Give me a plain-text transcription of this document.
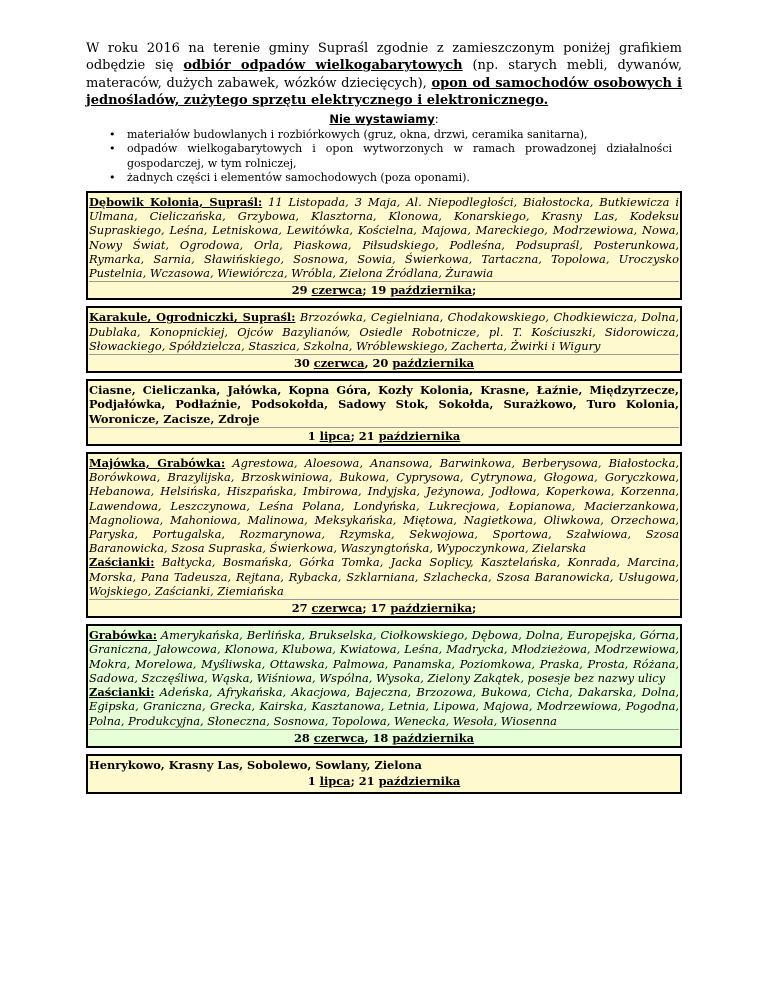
W roku 2016 na terenie gminy Supraśl zgodnie z zamieszczonym poniżej grafikiem odbędzie się odbiór odpadów wielkogabarytowych (np. starych mebli, dywanów, materaców, dużych zabawek, wózków dziecięcych), opon od samochodów osobowych i jednośladów, zużytego sprzętu elektrycznego i elektronicznego.

Nie wystawiamy:
• materiałów budowlanych i rozbiórkowych (gruz, okna, drzwi, ceramika sanitarna),
• odpadów wielkogabarytowych i opon wytworzonych w ramach prowadzonej działalności gospodarczej, w tym rolniczej,
• żadnych części i elementów samochodowych (poza oponami).
Dębowik Kolonia, Supraśl: 11 Listopada, 3 Maja, Al. Niepodległości, Białostocka, Butkiewicza i Ulmana, Cieliczańska, Grzybowa, Klasztorna, Klonowa, Konarskiego, Krasny Las, Kodeksu Supraskiego, Leśna, Letniskowa, Lewitówka, Kościelna, Majowa, Mareckiego, Modrzewiowa, Nowa, Nowy Świat, Ogrodowa, Orla, Piaskowa, Piłsudskiego, Podleśna, Podsupraśl, Posterunkowa, Rymarka, Sarnia, Sławińskiego, Sosnowa, Sowia, Świerkowa, Tartaczna, Topolowa, Uroczysko Pustelnia, Wczasowa, Wiewiórcza, Wróbla, Zielona Źródlana, Żurawia
29 czerwca; 19 października;
Karakule, Ogrodniczki, Supraśl: Brzozówka, Cegielniana, Chodakowskiego, Chodkiewicza, Dolna, Dublaka, Konopnickiej, Ojców Bazylianów, Osiedle Robotnicze, pl. T. Kościuszki, Sidorowicza, Słowackiego, Spółdzielcza, Staszica, Szkolna, Wróblewskiego, Zacherta, Żwirki i Wigury
30 czerwca, 20 października
Ciasne, Cieliczanka, Jałówka, Kopna Góra, Kozły Kolonia, Krasne, Łaźnie, Międzyrzecze, Podjałówka, Podłaźnie, Podsokołda, Sadowy Stok, Sokołda, Surażkowo, Turo Kolonia, Woronicze, Zacisze, Zdroje
1 lipca; 21 października
Majówka, Grabówka: Agrestowa, Aloesowa, Anansowa, Barwinkowa, Berberysowa, Białostocka, Borówkowa, Brazylijska, Brzoskwiniowa, Bukowa, Cyprysowa, Cytrynowa, Głogowa, Goryczkowa, Hebanowa, Helsińska, Hiszpańska, Imbirowa, Indyjska, Jeżynowa, Jodłowa, Koperkowa, Korzenna, Lawendowa, Leszczynowa, Leśna Polana, Londyńska, Lukrecjowa, Łopianowa, Macierzankowa, Magnoliowa, Mahoniowa, Malinowa, Meksykańska, Miętowa, Nagietkowa, Oliwkowa, Orzechowa, Paryska, Portugalska, Rozmarynowa, Rzymska, Sekwojowa, Sportowa, Szałwiowa, Szosa Baranowicka, Szosa Supraska, Świerkowa, Waszyngtońska, Wypoczynkowa, Zielarska
Zaścianki: Bałtycka, Bosmańska, Górka Tomka, Jacka Soplicy, Kasztelańska, Konrada, Marcina, Morska, Pana Tadeusza, Rejtana, Rybacka, Szklarniana, Szlachecka, Szosa Baranowicka, Usługowa, Wojskiego, Zaścianki, Ziemiańska
27 czerwca; 17 października;
Grabówka: Amerykańska, Berlińska, Brukselska, Ciołkowskiego, Dębowa, Dolna, Europejska, Górna, Graniczna, Jałowcowa, Klonowa, Klubowa, Kwiatowa, Leśna, Madrycka, Młodzieżowa, Modrzewiowa, Mokra, Morelowa, Myśliwska, Ottawska, Palmowa, Panamska, Poziomkowa, Praska, Prosta, Różana, Sadowa, Szczęśliwa, Wąska, Wiśniowa, Wspólna, Wysoka, Zielony Zakątek, posesje bez nazwy ulicy
Zaścianki: Adeńska, Afrykańska, Akacjowa, Bajeczna, Brzozowa, Bukowa, Cicha, Dakarska, Dolna, Egipska, Graniczna, Grecka, Kairska, Kasztanowa, Letnia, Lipowa, Majowa, Modrzewiowa, Pogodna, Polna, Produkcyjna, Słoneczna, Sosnowa, Topolowa, Wenecka, Wesoła, Wiosenna
28 czerwca, 18 października
Henrykowo, Krasny Las, Sobolewo, Sowlany, Zielona
1 lipca; 21 października
